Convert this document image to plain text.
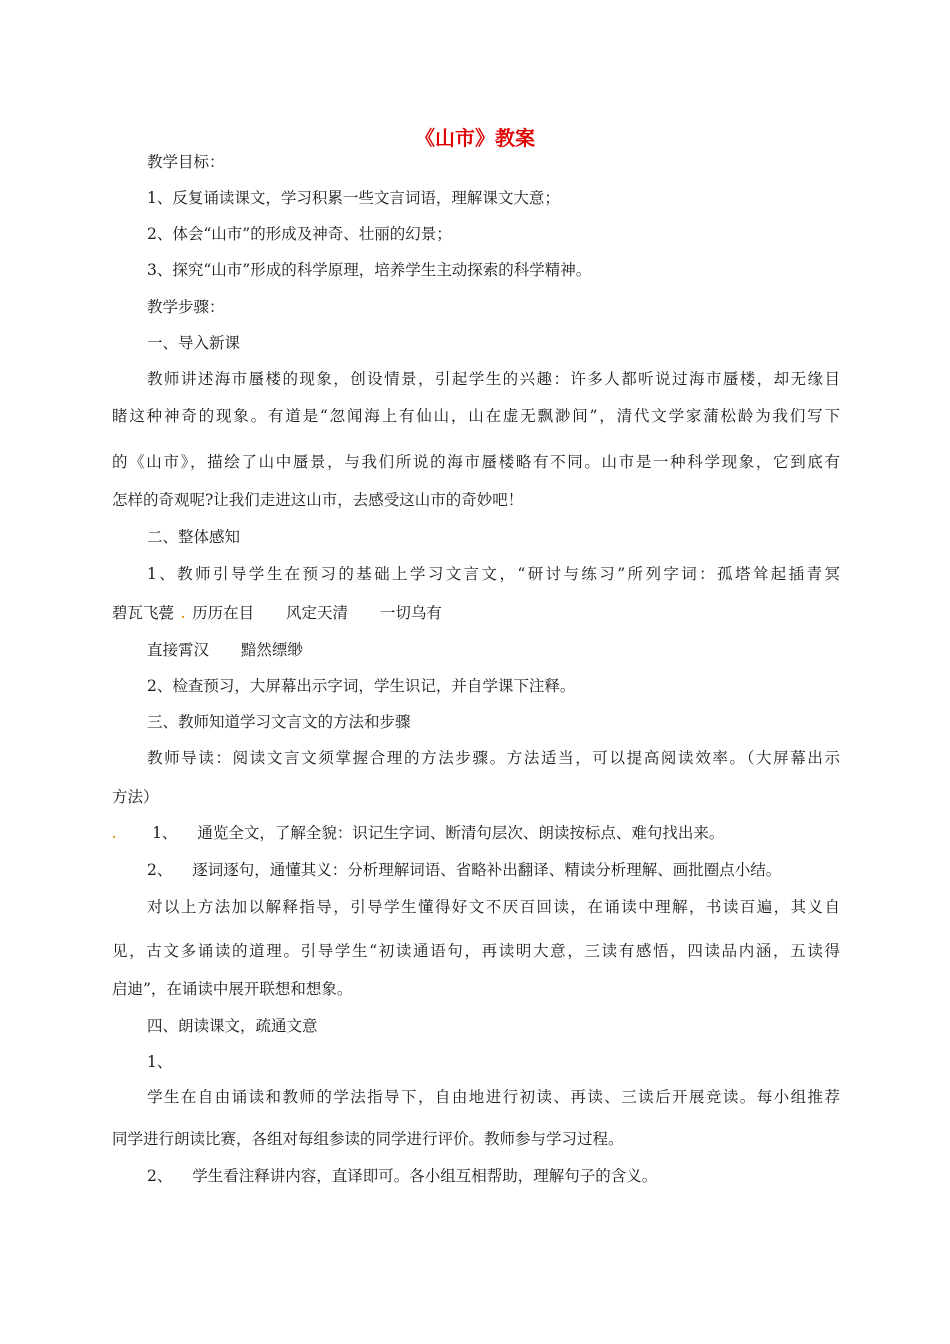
《山市》教案
教学目标：
1、反复诵读课文，学习积累一些文言词语，理解课文大意；
2、体会“山市”的形成及神奇、壮丽的幻景；
3、探究“山市”形成的科学原理，培养学生主动探索的科学精神。
教学步骤：
一、导入新课
教师讲述海市蜃楼的现象，创设情景，引起学生的兴趣：许多人都听说过海市蜃楼，却无缘目
睹这种神奇的现象。有道是“忽闻海上有仙山，山在虚无飘渺间”，清代文学家蒲松龄为我们写下
的《山市》，描绘了山中蜃景，与我们所说的海市蜃楼略有不同。山市是一种科学现象，它到底有
怎样的奇观呢?让我们走进这山市，去感受这山市的奇妙吧！
二、整体感知
1、教师引导学生在预习的基础上学习文言文，“研讨与练习”所列字词：孤塔耸起插青冥
碧瓦飞甍 . 历历在目 风定天清 一切乌有
直接霄汉 黯然缥缈
2、检查预习，大屏幕出示字词，学生识记，并自学课下注释。
三、教师知道学习文言文的方法和步骤
教师导读：阅读文言文须掌握合理的方法步骤。方法适当，可以提高阅读效率。（大屏幕出示
方法）
. 1、 通览全文，了解全貌：识记生字词、断清句层次、朗读按标点、难句找出来。
2、 逐词逐句，通懂其义：分析理解词语、省略补出翻译、精读分析理解、画批圈点小结。
对以上方法加以解释指导，引导学生懂得好文不厌百回读，在诵读中理解，书读百遍，其义自
见，古文多诵读的道理。引导学生“初读通语句，再读明大意，三读有感悟，四读品内涵，五读得
启迪”，在诵读中展开联想和想象。
四、朗读课文，疏通文意
1、
学生在自由诵读和教师的学法指导下，自由地进行初读、再读、三读后开展竞读。每小组推荐
同学进行朗读比赛，各组对每组参读的同学进行评价。教师参与学习过程。
2、 学生看注释讲内容，直译即可。各小组互相帮助，理解句子的含义。
